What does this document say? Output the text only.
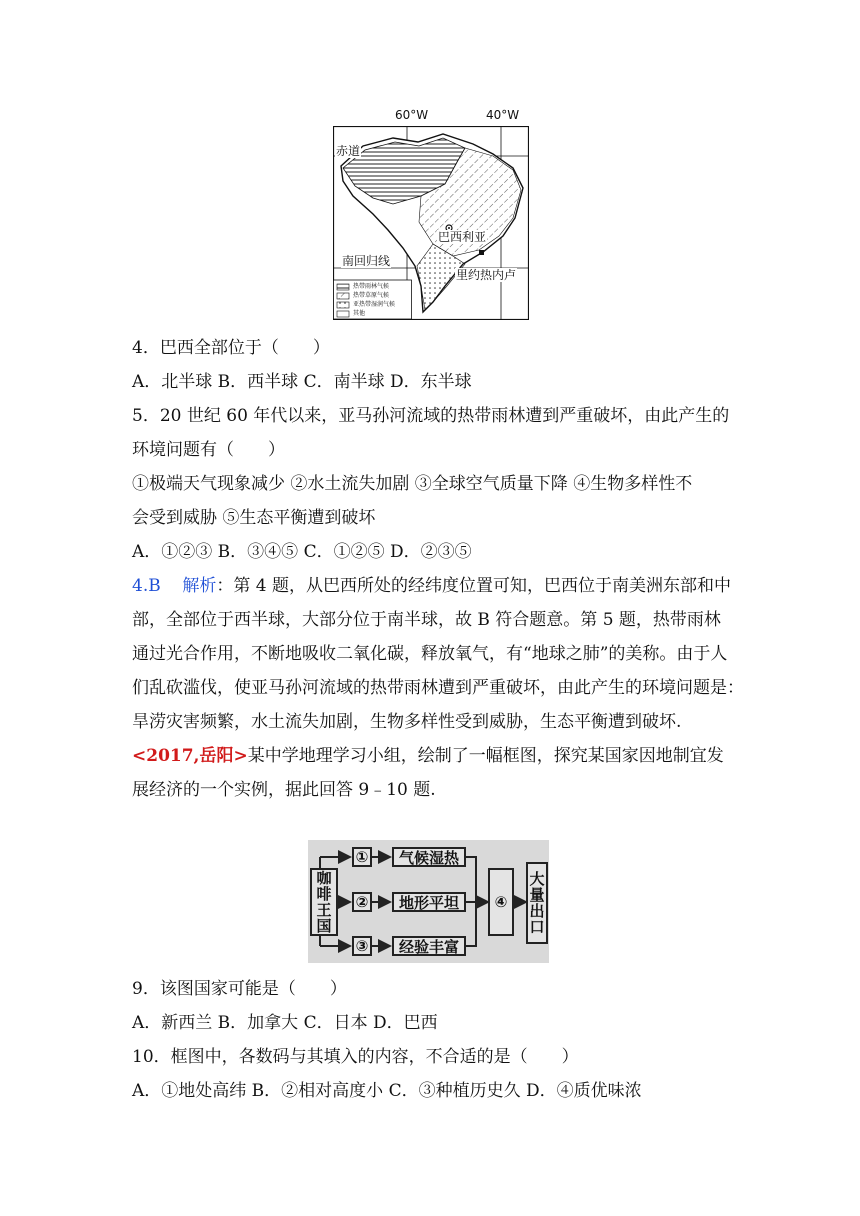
60°W	40°W
赤道
巴西利亚
南回归线
里约热内卢
热带雨林气候
热带草原气候
亚热带湿润气候
其他
4．巴西全部位于（　　）
A．北半球 B．西半球 C．南半球 D．东半球
5．20 世纪 60 年代以来，亚马孙河流域的热带雨林遭到严重破坏，由此产生的
环境问题有（　　）
①极端天气现象减少 ②水土流失加剧 ③全球空气质量下降 ④生物多样性不
会受到威胁 ⑤生态平衡遭到破坏
A．①②③ B．③④⑤ C．①②⑤ D．②③⑤
4.B 解析：第 4 题，从巴西所处的经纬度位置可知，巴西位于南美洲东部和中
部，全部位于西半球，大部分位于南半球，故 B 符合题意。第 5 题，热带雨林
通过光合作用，不断地吸收二氧化碳，释放氧气，有“地球之肺”的美称。由于人
们乱砍滥伐，使亚马孙河流域的热带雨林遭到严重破坏，由此产生的环境问题是：
旱涝灾害频繁，水土流失加剧，生物多样性受到威胁，生态平衡遭到破坏.
<2017,岳阳>某中学地理学习小组，绘制了一幅框图，探究某国家因地制宜发
展经济的一个实例，据此回答 9﹣10 题.
咖啡王国
①
②
③
气候湿热
地形平坦
经验丰富
④	大量出口
9．该图国家可能是（　　）
A．新西兰 B．加拿大 C．日本 D．巴西
10．框图中，各数码与其填入的内容，不合适的是（　　）
A．①地处高纬 B．②相对高度小 C．③种植历史久 D．④质优味浓
